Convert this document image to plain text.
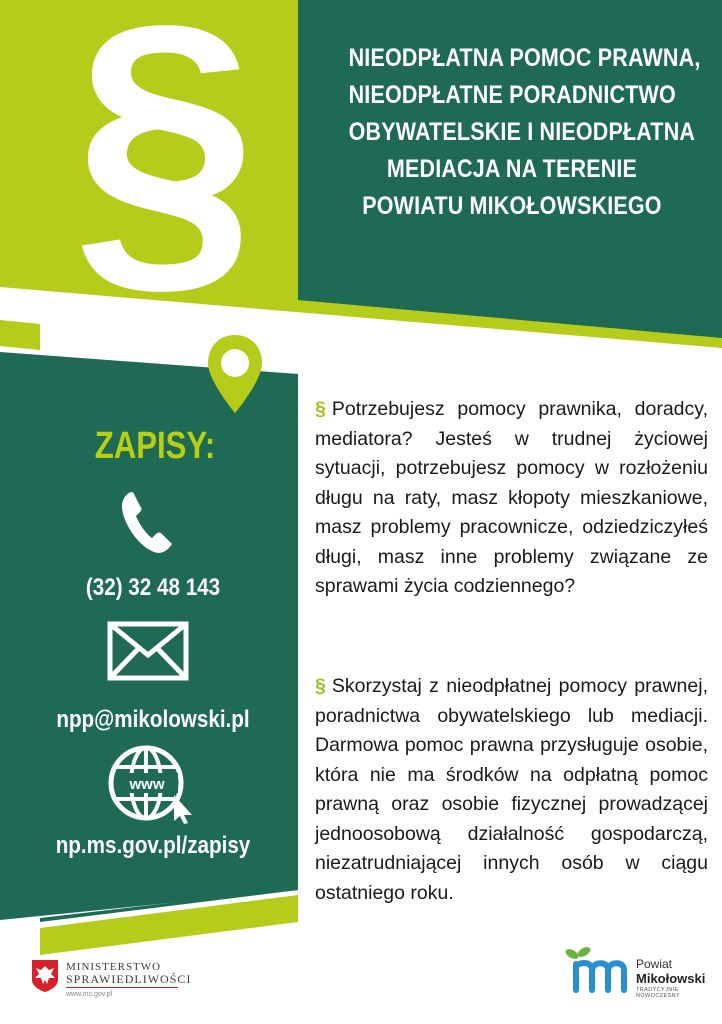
§	NIEODPŁATNA POMOC PRAWNA,
NIEODPŁATNE PORADNICTWO
OBYWATELSKIE I NIEODPŁATNA
MEDIACJA NA TERENIE
POWIATU MIKOŁOWSKIEGO
ZAPISY:
(32) 32 48 143
npp@mikolowski.pl
www
np.ms.gov.pl/zapisy
§ Potrzebujesz pomocy prawnika, doradcy, mediatora? Jesteś w trudnej życiowej sytuacji, potrzebujesz pomocy w rozłożeniu długu na raty, masz kłopoty mieszkaniowe, masz problemy pracownicze, odziedziczyłeś długi, masz inne problemy związane ze sprawami życia codziennego?
§ Skorzystaj z nieodpłatnej pomocy prawnej, poradnictwa obywatelskiego lub mediacji. Darmowa pomoc prawna przysługuje osobie, która nie ma środków na odpłatną pomoc prawną oraz osobie fizycznej prowadzącej jednoosobową działalność gospodarczą, niezatrudniającej innych osób w ciągu ostatniego roku.
MINISTERSTWO
SPRAWIEDLIWOŚCI
www.ms.gov.pl
Powiat
Mikołowski
TRADYCYJNIE NOWOCZESNY
